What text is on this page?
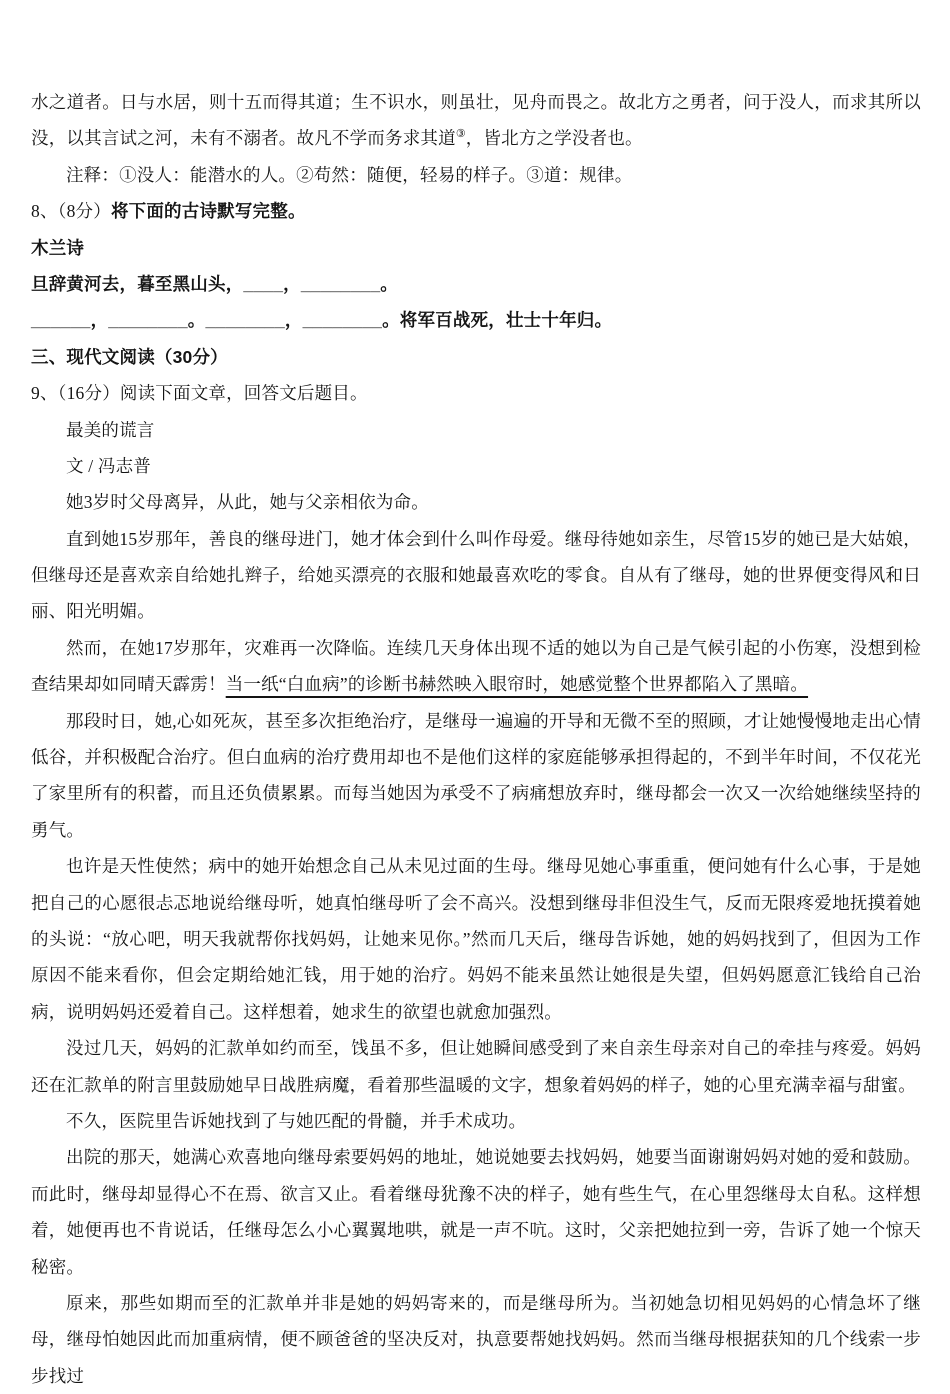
水之道者。日与水居，则十五而得其道；生不识水，则虽壮，见舟而畏之。故北方之勇者，问于没人，而求其所以没，以其言试之河，未有不溺者。故凡不学而务求其道③，皆北方之学没者也。

注释：①没人：能潜水的人。②苟然：随便，轻易的样子。③道：规律。

8、（8分）将下面的古诗默写完整。

木兰诗

旦辞黄河去，暮至黑山头，____，________。

______，________。________，________。将军百战死，壮士十年归。

三、现代文阅读（30分）

9、（16分）阅读下面文章，回答文后题目。

最美的谎言

文 / 冯志普

她3岁时父母离异，从此，她与父亲相依为命。

直到她15岁那年，善良的继母进门，她才体会到什么叫作母爱。继母待她如亲生，尽管15岁的她已是大姑娘，但继母还是喜欢亲自给她扎辫子，给她买漂亮的衣服和她最喜欢吃的零食。自从有了继母，她的世界便变得风和日丽、阳光明媚。

然而，在她17岁那年，灾难再一次降临。连续几天身体出现不适的她以为自己是气候引起的小伤寒，没想到检查结果却如同晴天霹雳！当一纸“白血病”的诊断书赫然映入眼帘时，她感觉整个世界都陷入了黑暗。

那段时日，她,心如死灰，甚至多次拒绝治疗，是继母一遍遍的开导和无微不至的照顾，才让她慢慢地走出心情低谷，并积极配合治疗。但白血病的治疗费用却也不是他们这样的家庭能够承担得起的，不到半年时间，不仅花光了家里所有的积蓄，而且还负债累累。而每当她因为承受不了病痛想放弃时，继母都会一次又一次给她继续坚持的勇气。

也许是天性使然；病中的她开始想念自己从未见过面的生母。继母见她心事重重，便问她有什么心事，于是她把自己的心愿很忐忑地说给继母听，她真怕继母听了会不高兴。没想到继母非但没生气，反而无限疼爱地抚摸着她的头说：“放心吧，明天我就帮你找妈妈，让她来见你。”然而几天后，继母告诉她，她的妈妈找到了，但因为工作原因不能来看你，但会定期给她汇钱，用于她的治疗。妈妈不能来虽然让她很是失望，但妈妈愿意汇钱给自己治病，说明妈妈还爱着自己。这样想着，她求生的欲望也就愈加强烈。

没过几天，妈妈的汇款单如约而至，饯虽不多，但让她瞬间感受到了来自亲生母亲对自己的牵挂与疼爱。妈妈还在汇款单的附言里鼓励她早日战胜病魔，看着那些温暖的文字，想象着妈妈的样子，她的心里充满幸福与甜蜜。

不久，医院里告诉她找到了与她匹配的骨髓，并手术成功。

出院的那天，她满心欢喜地向继母索要妈妈的地址，她说她要去找妈妈，她要当面谢谢妈妈对她的爱和鼓励。而此时，继母却显得心不在焉、欲言又止。看着继母犹豫不决的样子，她有些生气，在心里怨继母太自私。这样想着，她便再也不肯说话，任继母怎么小心翼翼地哄，就是一声不吭。这时，父亲把她拉到一旁，告诉了她一个惊天秘密。

原来，那些如期而至的汇款单并非是她的妈妈寄来的，而是继母所为。当初她急切相见妈妈的心情急坏了继母，继母怕她因此而加重病情，便不顾爸爸的坚决反对，执意要帮她找妈妈。然而当继母根据获知的几个线索一步步找过
